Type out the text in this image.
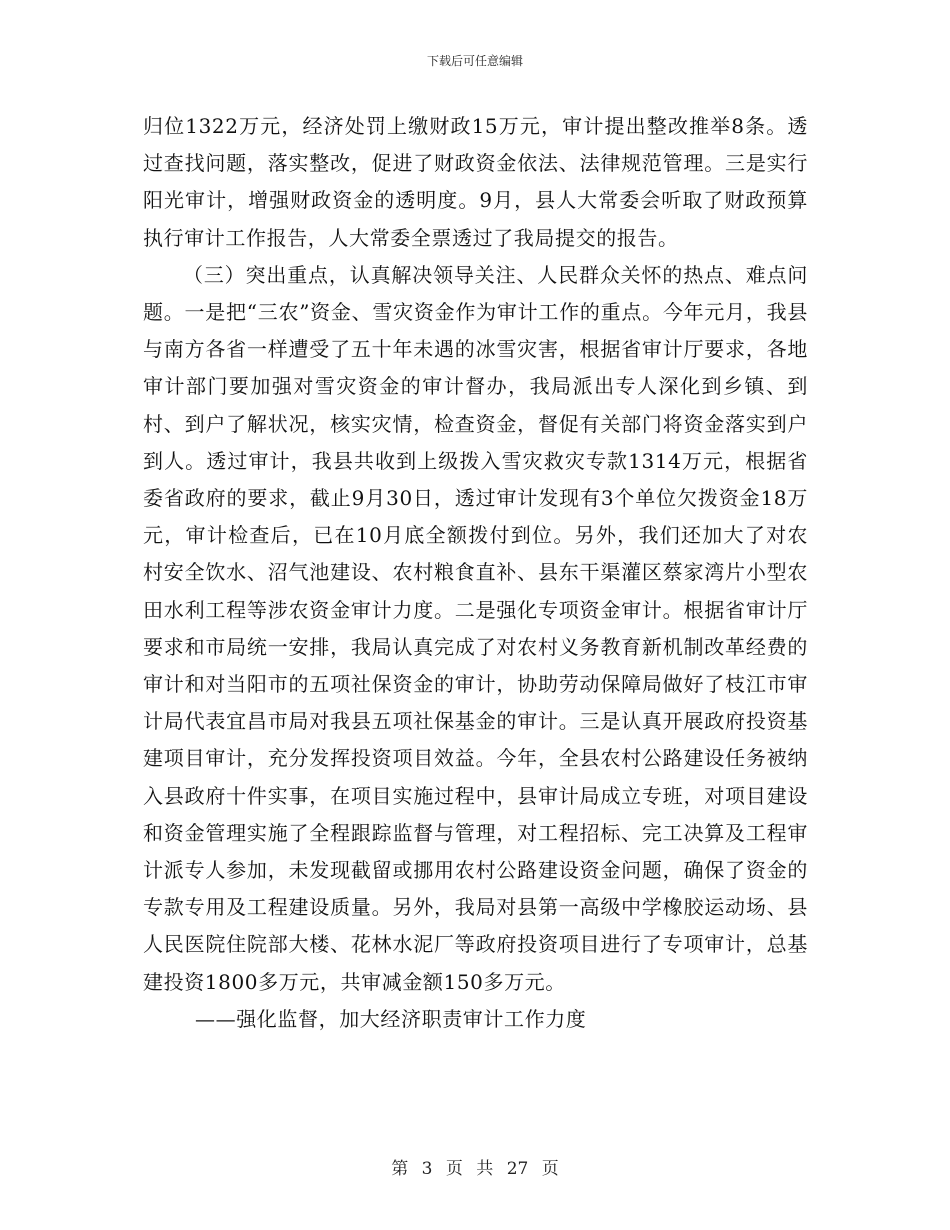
下载后可任意编辑

归位1322万元，经济处罚上缴财政15万元，审计提出整改推举8条。透过查找问题，落实整改，促进了财政资金依法、法律规范管理。三是实行阳光审计，增强财政资金的透明度。9月，县人大常委会听取了财政预算执行审计工作报告，人大常委全票透过了我局提交的报告。

（三）突出重点，认真解决领导关注、人民群众关怀的热点、难点问题。一是把“三农”资金、雪灾资金作为审计工作的重点。今年元月，我县与南方各省一样遭受了五十年未遇的冰雪灾害，根据省审计厅要求，各地审计部门要加强对雪灾资金的审计督办，我局派出专人深化到乡镇、到村、到户了解状况，核实灾情，检查资金，督促有关部门将资金落实到户到人。透过审计，我县共收到上级拨入雪灾救灾专款1314万元，根据省委省政府的要求，截止9月30日，透过审计发现有3个单位欠拨资金18万元，审计检查后，已在10月底全额拨付到位。另外，我们还加大了对农村安全饮水、沼气池建设、农村粮食直补、县东干渠灌区蔡家湾片小型农田水利工程等涉农资金审计力度。二是强化专项资金审计。根据省审计厅要求和市局统一安排，我局认真完成了对农村义务教育新机制改革经费的审计和对当阳市的五项社保资金的审计，协助劳动保障局做好了枝江市审计局代表宜昌市局对我县五项社保基金的审计。三是认真开展政府投资基建项目审计，充分发挥投资项目效益。今年，全县农村公路建设任务被纳入县政府十件实事，在项目实施过程中，县审计局成立专班，对项目建设和资金管理实施了全程跟踪监督与管理，对工程招标、完工决算及工程审计派专人参加，未发现截留或挪用农村公路建设资金问题，确保了资金的专款专用及工程建设质量。另外，我局对县第一高级中学橡胶运动场、县人民医院住院部大楼、花林水泥厂等政府投资项目进行了专项审计，总基建投资1800多万元，共审减金额150多万元。

——强化监督，加大经济职责审计工作力度

第 3 页 共 27 页
